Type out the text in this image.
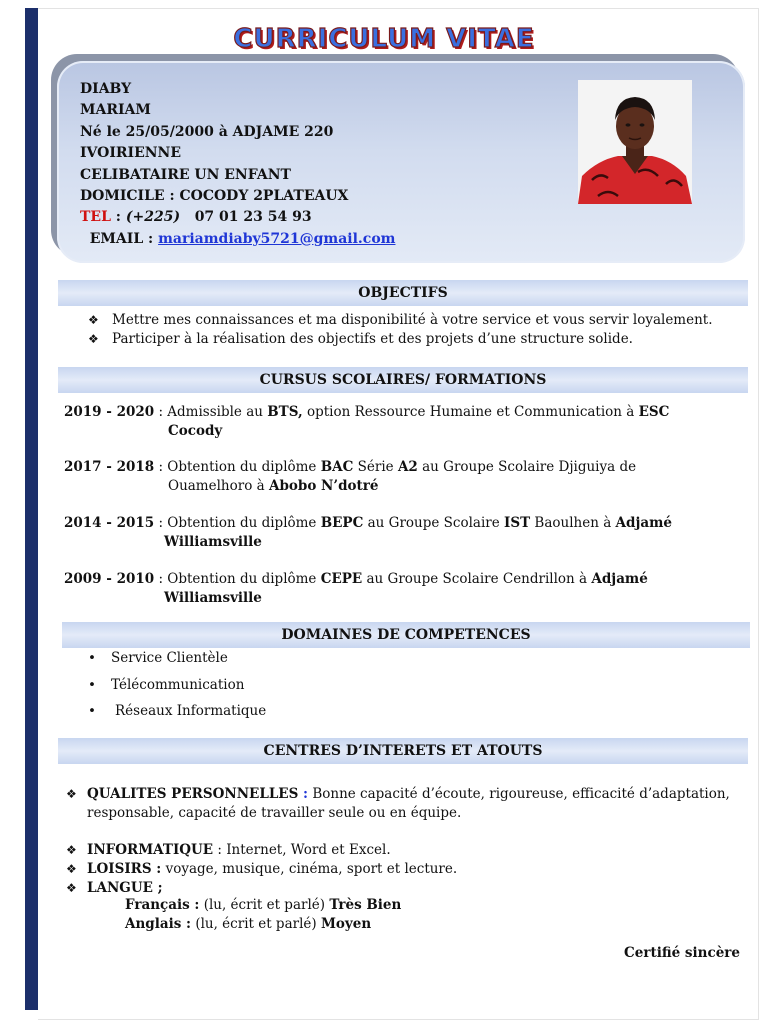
CURRICULUM VITAE
DIABY
MARIAM
Né le 25/05/2000 à ADJAME 220
IVOIRIENNE
CELIBATAIRE UN ENFANT
DOMICILE : COCODY 2PLATEAUX
TEL : (+225) 07 01 23 54 93
EMAIL : mariamdiaby5721@gmail.com
OBJECTIFS
❖ Mettre mes connaissances et ma disponibilité à votre service et vous servir loyalement.
❖ Participer à la réalisation des objectifs et des projets d’une structure solide.
CURSUS SCOLAIRES/ FORMATIONS
2019 - 2020 : Admissible au BTS, option Ressource Humaine et Communication à ESC
Cocody
2017 - 2018 : Obtention du diplôme BAC Série A2 au Groupe Scolaire Djiguiya de
Ouamelhoro à Abobo N’dotré
2014 - 2015 : Obtention du diplôme BEPC au Groupe Scolaire IST Baoulhen à Adjamé
Williamsville
2009 - 2010 : Obtention du diplôme CEPE au Groupe Scolaire Cendrillon à Adjamé
Williamsville
DOMAINES DE COMPETENCES
• Service Clientèle
• Télécommunication
• Réseaux Informatique
CENTRES D’INTERETS ET ATOUTS
❖ QUALITES PERSONNELLES : Bonne capacité d’écoute, rigoureuse, efficacité d’adaptation, responsable, capacité de travailler seule ou en équipe.
❖ INFORMATIQUE : Internet, Word et Excel.
❖ LOISIRS : voyage, musique, cinéma, sport et lecture.
❖ LANGUE ;
Français : (lu, écrit et parlé) Très Bien
Anglais : (lu, écrit et parlé) Moyen
Certifié sincère
